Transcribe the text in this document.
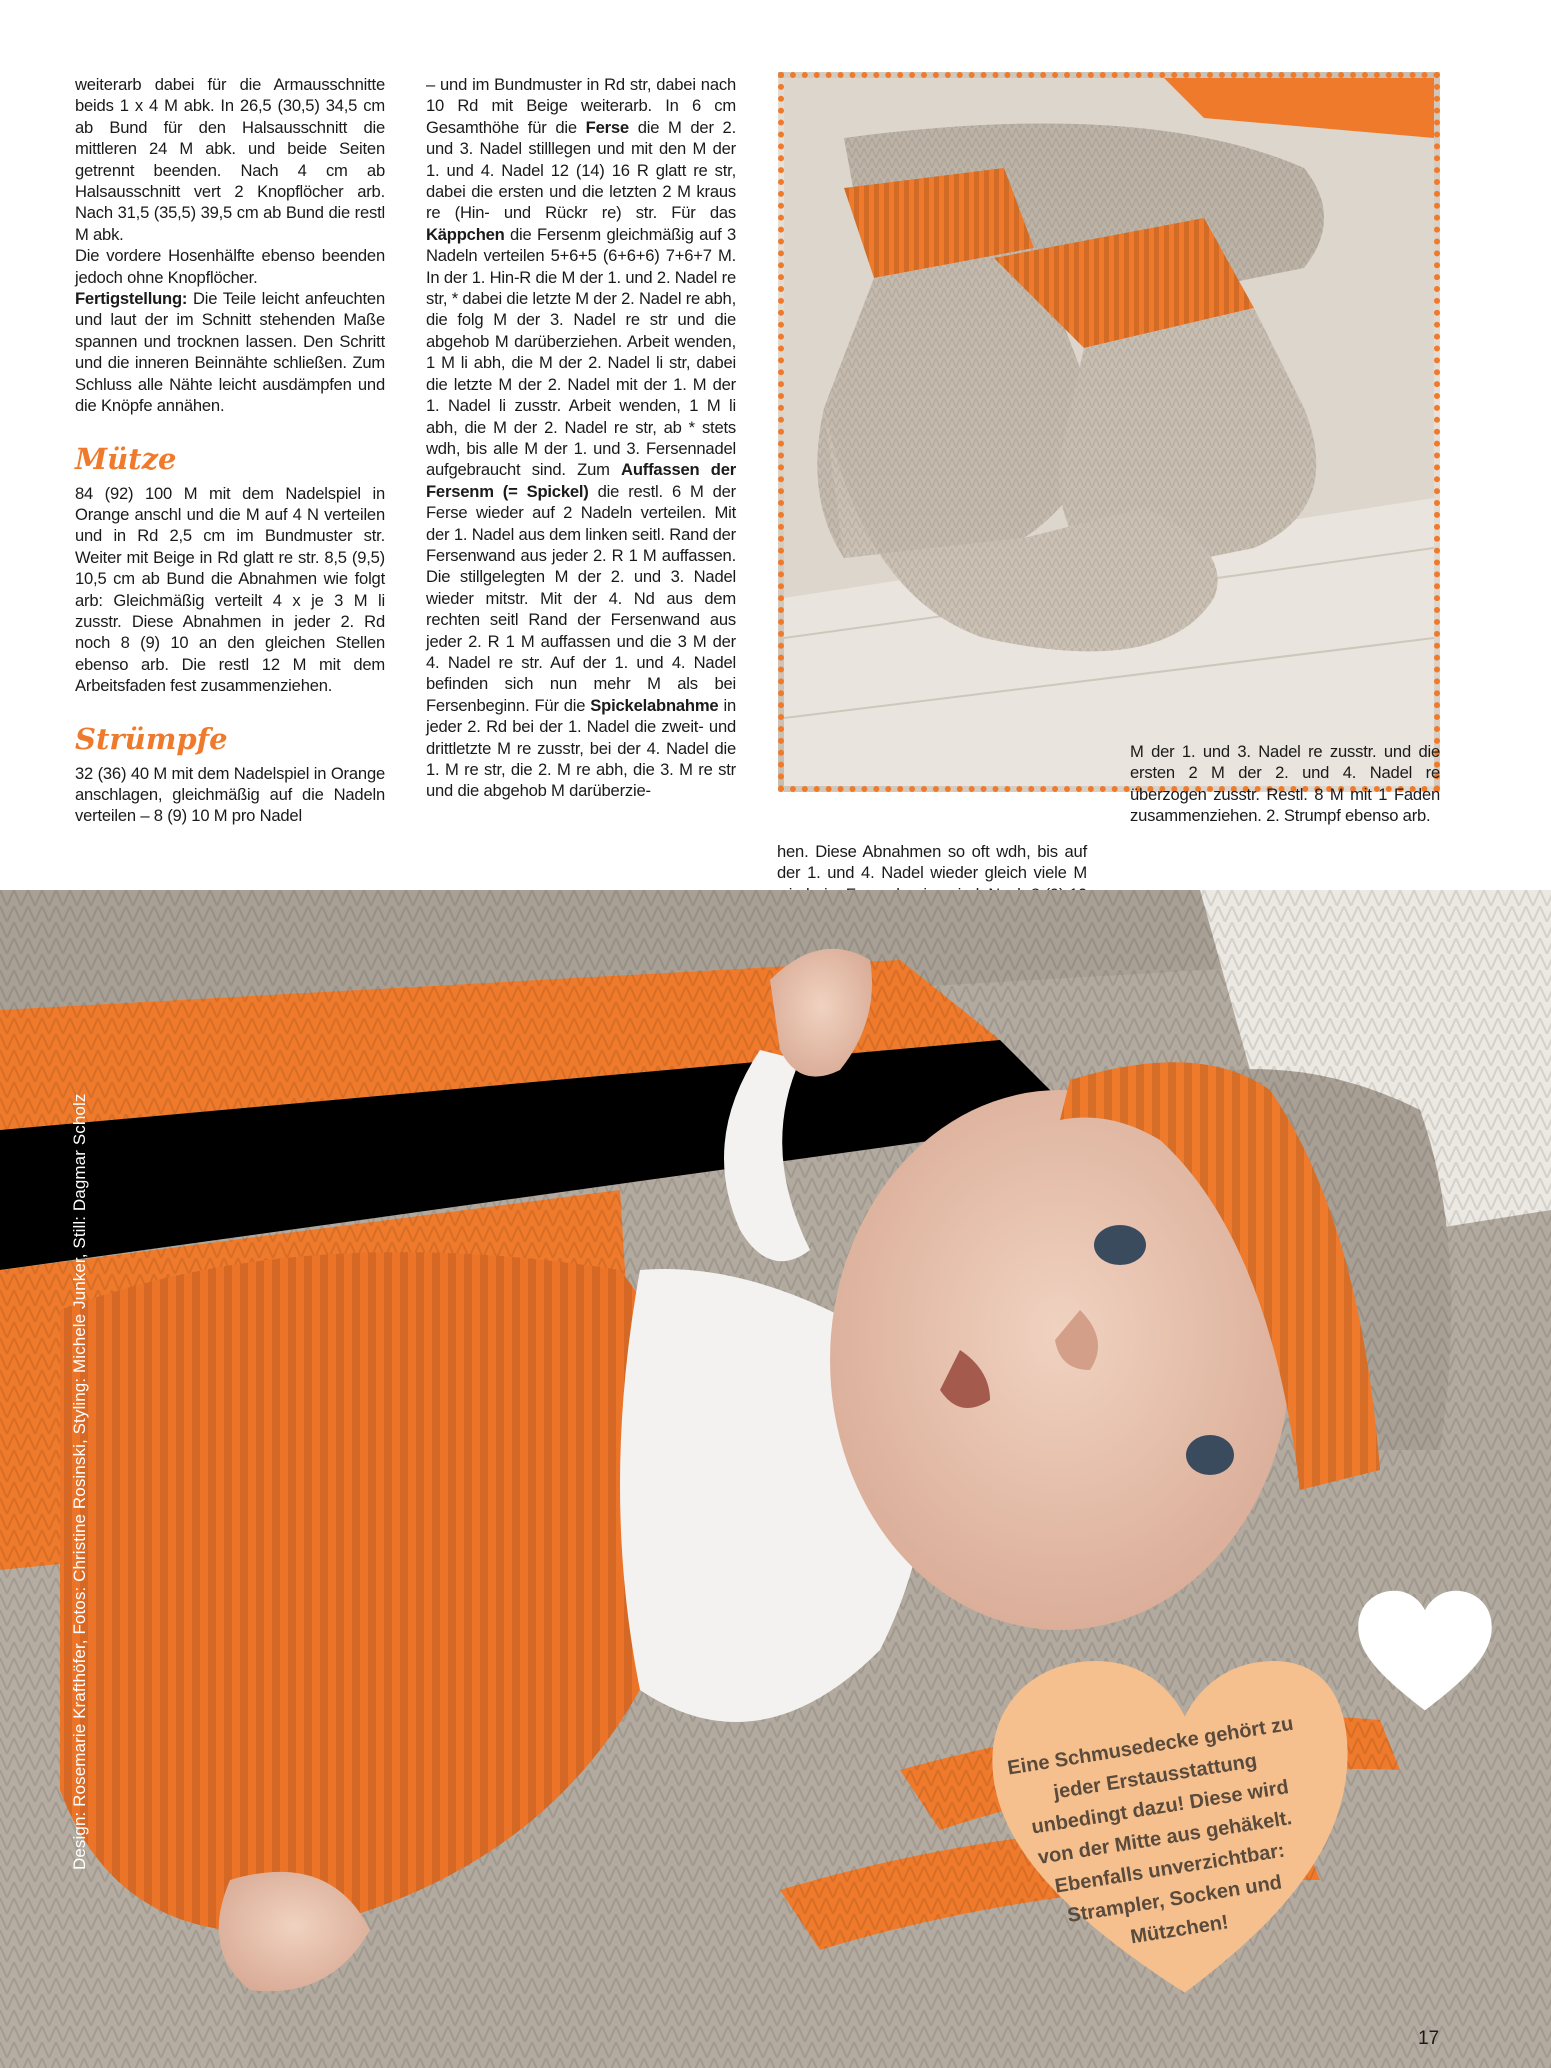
weiterarb dabei für die Armausschnitte beids 1 x 4 M abk. In 26,5 (30,5) 34,5 cm ab Bund für den Halsausschnitt die mittleren 24 M abk. und beide Seiten getrennt beenden. Nach 4 cm ab Halsausschnitt vert 2 Knopflöcher arb. Nach 31,5 (35,5) 39,5 cm ab Bund die restl M abk.

Die vordere Hosenhälfte ebenso beenden jedoch ohne Knopflöcher.

Fertigstellung: Die Teile leicht anfeuchten und laut der im Schnitt stehenden Maße spannen und trocknen lassen. Den Schritt und die inneren Beinnähte schließen. Zum Schluss alle Nähte leicht ausdämpfen und die Knöpfe annähen.

Mütze

84 (92) 100 M mit dem Nadelspiel in Orange anschl und die M auf 4 N verteilen und in Rd 2,5 cm im Bundmuster str. Weiter mit Beige in Rd glatt re str. 8,5 (9,5) 10,5 cm ab Bund die Abnahmen wie folgt arb: Gleichmäßig verteilt 4 x je 3 M li zusstr. Diese Abnahmen in jeder 2. Rd noch 8 (9) 10 an den gleichen Stellen ebenso arb. Die restl 12 M mit dem Arbeitsfaden fest zusammenziehen.

Strümpfe

32 (36) 40 M mit dem Nadelspiel in Orange anschlagen, gleichmäßig auf die Nadeln verteilen – 8 (9) 10 M pro Nadel

– und im Bundmuster in Rd str, dabei nach 10 Rd mit Beige weiterarb. In 6 cm Gesamthöhe für die Ferse die M der 2. und 3. Nadel stilllegen und mit den M der 1. und 4. Nadel 12 (14) 16 R glatt re str, dabei die ersten und die letzten 2 M kraus re (Hin- und Rückr re) str. Für das Käppchen die Fersenm gleichmäßig auf 3 Nadeln verteilen 5+6+5 (6+6+6) 7+6+7 M. In der 1. Hin-R die M der 1. und 2. Nadel re str, * dabei die letzte M der 2. Nadel re abh, die folg M der 3. Nadel re str und die abgehob M darüberziehen. Arbeit wenden, 1 M li abh, die M der 2. Nadel li str, dabei die letzte M der 2. Nadel mit der 1. M der 1. Nadel li zusstr. Arbeit wenden, 1 M li abh, die M der 2. Nadel re str, ab * stets wdh, bis alle M der 1. und 3. Fersennadel aufgebraucht sind. Zum Auffassen der Fersenm (= Spickel) die restl. 6 M der Ferse wieder auf 2 Nadeln verteilen. Mit der 1. Nadel aus dem linken seitl. Rand der Fersenwand aus jeder 2. R 1 M auffassen. Die stillgelegten M der 2. und 3. Nadel wieder mitstr. Mit der 4. Nd aus dem rechten seitl Rand der Fersenwand aus jeder 2. R 1 M auffassen und die 3 M der 4. Nadel re str. Auf der 1. und 4. Nadel befinden sich nun mehr M als bei Fersenbeginn. Für die Spickelabnahme in jeder 2. Rd bei der 1. Nadel die zweit- und drittletzte M re zusstr, bei der 4. Nadel die 1. M re str, die 2. M re abh, die 3. M re str und die abgehob M darüberzie-

hen. Diese Abnahmen so oft wdh, bis auf der 1. und 4. Nadel wieder gleich viele M

M der 1. und 3. Nadel re zusstr. und die ersten 2 M der 2. und 4. Nadel re überzogen zusstr. Restl. 8 M mit 1 Faden zusammenziehen. 2. Strumpf ebenso arb.

Design: Rosemarie Krafthöfer, Fotos: Christine Rosinski, Styling: Michele Junker, Still: Dagmar Scholz	Eine Schmusedecke gehört zu jeder Erstausstattung unbedingt dazu! Diese wird von der Mitte aus gehäkelt. Ebenfalls unverzichtbar: Strampler, Socken und Mützchen!
17
